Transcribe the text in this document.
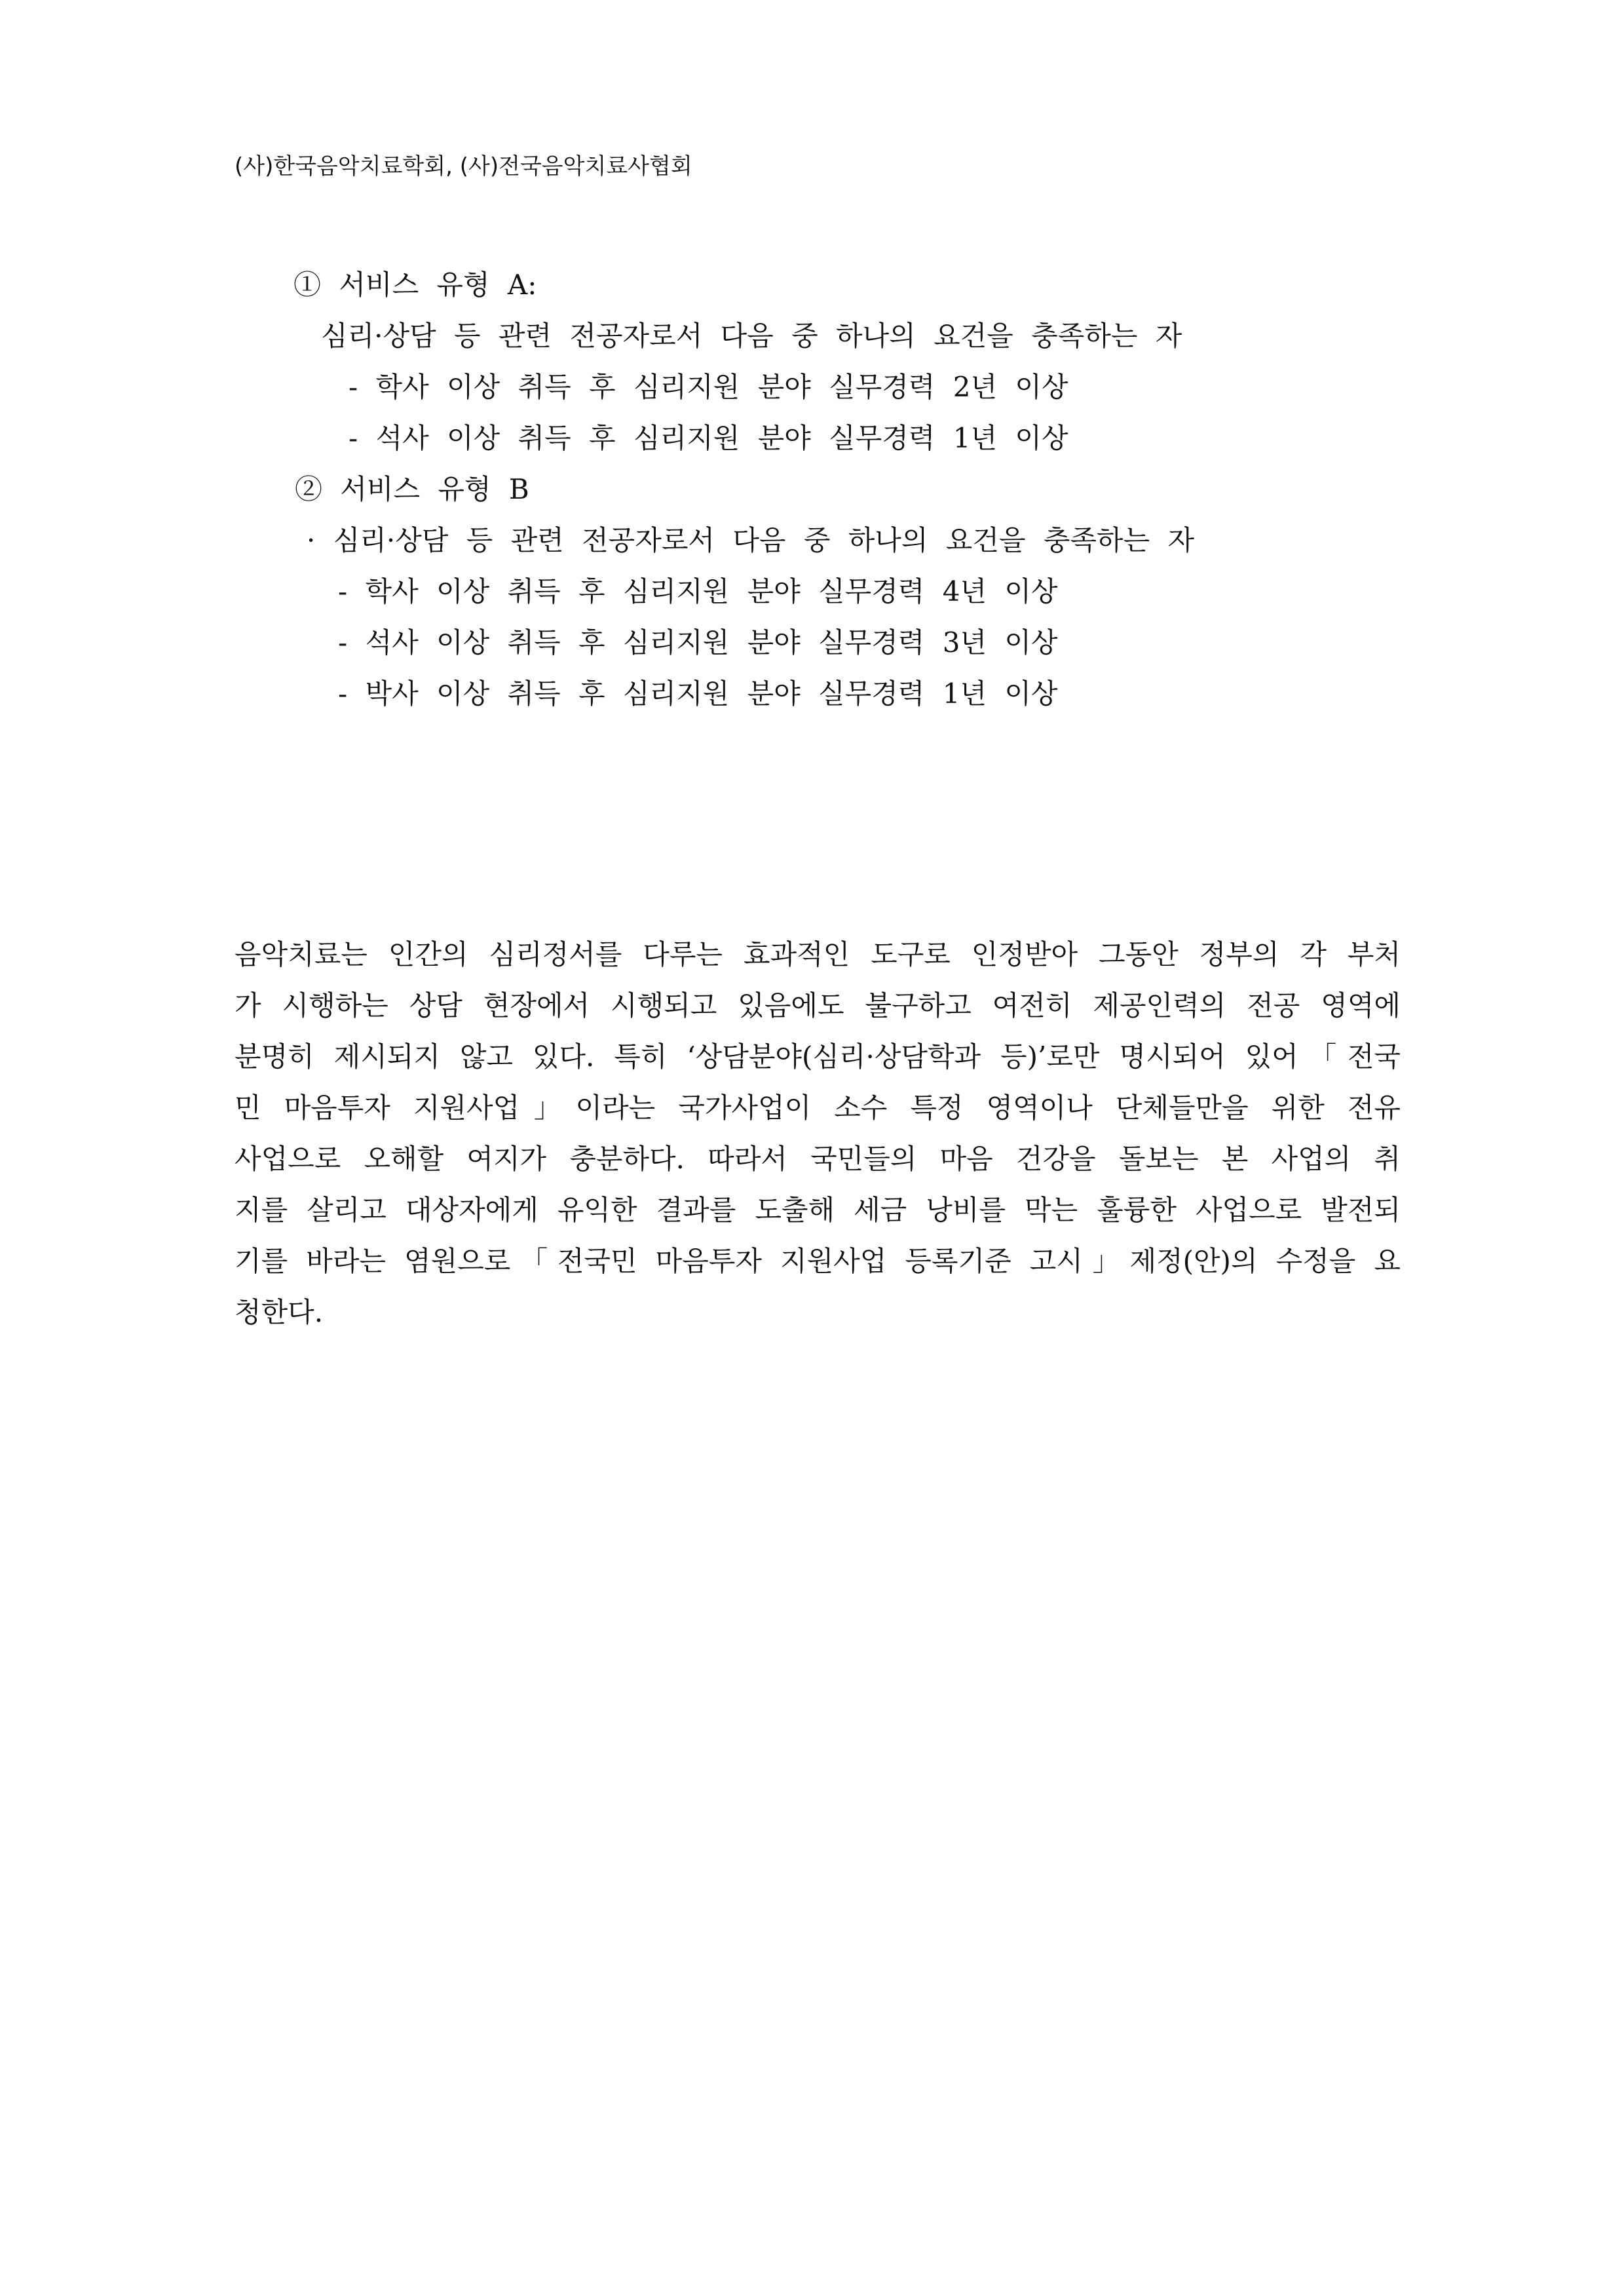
(사)한국음악치료학회, (사)전국음악치료사협회
① 서비스 유형 A:
심리·상담 등 관련 전공자로서 다음 중 하나의 요건을 충족하는 자
- 학사 이상 취득 후 심리지원 분야 실무경력 2년 이상
- 석사 이상 취득 후 심리지원 분야 실무경력 1년 이상
② 서비스 유형 B
· 심리·상담 등 관련 전공자로서 다음 중 하나의 요건을 충족하는 자
- 학사 이상 취득 후 심리지원 분야 실무경력 4년 이상
- 석사 이상 취득 후 심리지원 분야 실무경력 3년 이상
- 박사 이상 취득 후 심리지원 분야 실무경력 1년 이상
음악치료는 인간의 심리정서를 다루는 효과적인 도구로 인정받아 그동안 정부의 각 부처
가 시행하는 상담 현장에서 시행되고 있음에도 불구하고 여전히 제공인력의 전공 영역에
분명히 제시되지 않고 있다. 특히 ‘상담분야(심리·상담학과 등)’로만 명시되어 있어「전국
민 마음투자 지원사업」이라는 국가사업이 소수 특정 영역이나 단체들만을 위한 전유
사업으로 오해할 여지가 충분하다. 따라서 국민들의 마음 건강을 돌보는 본 사업의 취
지를 살리고 대상자에게 유익한 결과를 도출해 세금 낭비를 막는 훌륭한 사업으로 발전되
기를 바라는 염원으로「전국민 마음투자 지원사업 등록기준 고시」제정(안)의 수정을 요
청한다.
